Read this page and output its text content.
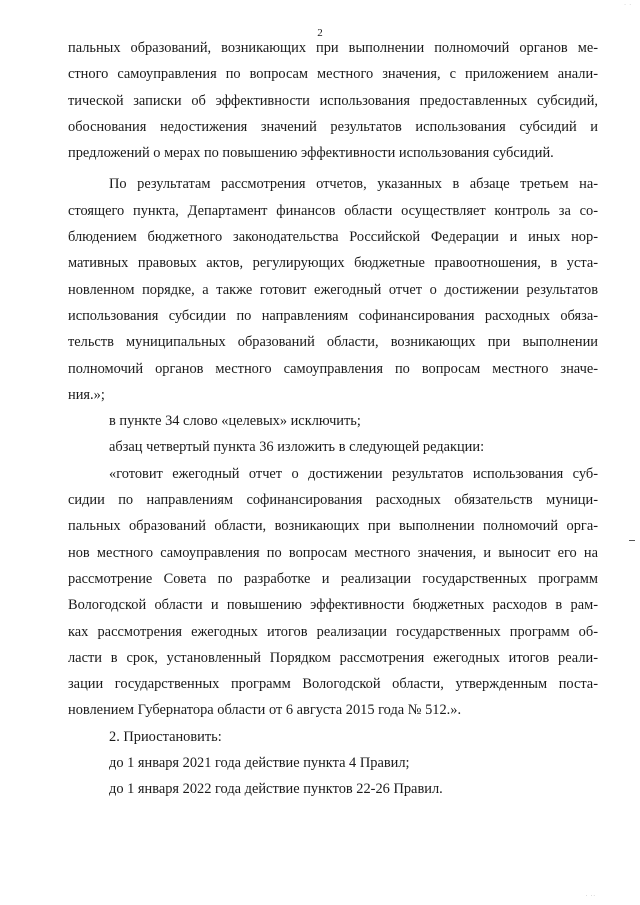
· ·
2
пальных образований, возникающих при выполнении полномочий органов ме-
стного самоуправления по вопросам местного значения, с приложением анали-
тической записки об эффективности использования предоставленных субсидий,
обоснования недостижения значений результатов использования субсидий и
предложений о мерах по повышению эффективности использования субсидий.
По результатам рассмотрения отчетов, указанных в абзаце третьем на-
стоящего пункта, Департамент финансов области осуществляет контроль за со-
блюдением бюджетного законодательства Российской Федерации и иных нор-
мативных правовых актов, регулирующих бюджетные правоотношения, в уста-
новленном порядке, а также готовит ежегодный отчет о достижении результатов
использования субсидии по направлениям софинансирования расходных обяза-
тельств муниципальных образований области, возникающих при выполнении
полномочий органов местного самоуправления по вопросам местного значе-
ния.»;
в пункте 34 слово «целевых» исключить;
абзац четвертый пункта 36 изложить в следующей редакции:
«готовит ежегодный отчет о достижении результатов использования суб-
сидии по направлениям софинансирования расходных обязательств муници-
пальных образований области, возникающих при выполнении полномочий орга-
нов местного самоуправления по вопросам местного значения, и выносит его на
рассмотрение Совета по разработке и реализации государственных программ
Вологодской области и повышению эффективности бюджетных расходов в рам-
ках рассмотрения ежегодных итогов реализации государственных программ об-
ласти в срок, установленный Порядком рассмотрения ежегодных итогов реали-
зации государственных программ Вологодской области, утвержденным поста-
новлением Губернатора области от 6 августа 2015 года № 512.».
2. Приостановить:
до 1 января 2021 года действие пункта 4 Правил;
до 1 января 2022 года действие пунктов 22-26 Правил.
· ··
